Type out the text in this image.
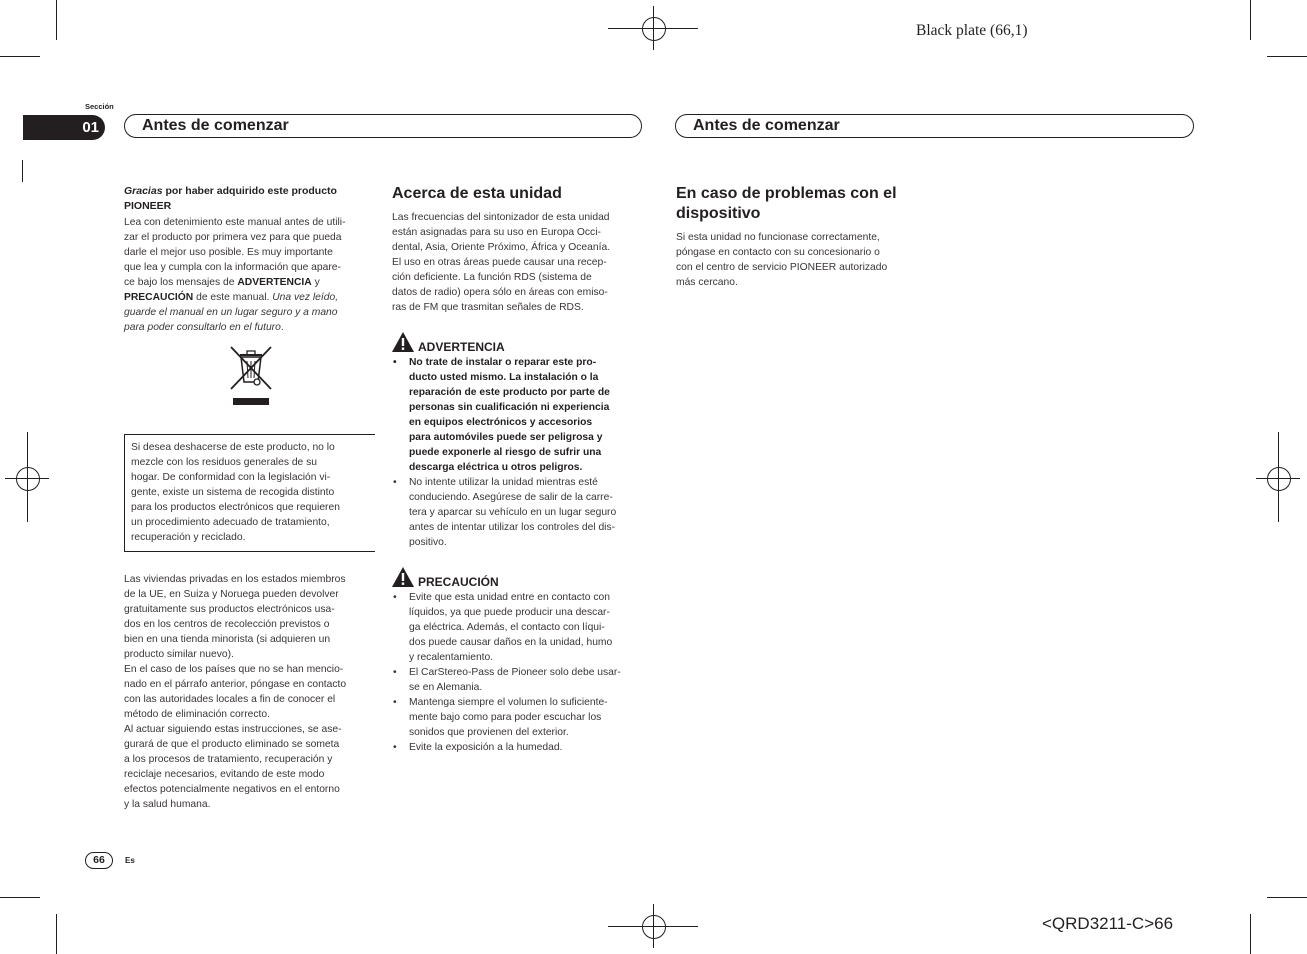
Black plate (66,1)
<QRD3211-C>66
Sección
01	Antes de comenzar	Antes de comenzar
Gracias por haber adquirido este producto
PIONEER
Lea con detenimiento este manual antes de utili-
zar el producto por primera vez para que pueda
darle el mejor uso posible. Es muy importante
que lea y cumpla con la información que apare-
ce bajo los mensajes de ADVERTENCIA y
PRECAUCIÓN de este manual. Una vez leído,
guarde el manual en un lugar seguro y a mano
para poder consultarlo en el futuro.
Si desea deshacerse de este producto, no lo
mezcle con los residuos generales de su
hogar. De conformidad con la legislación vi-
gente, existe un sistema de recogida distinto
para los productos electrónicos que requieren
un procedimiento adecuado de tratamiento,
recuperación y reciclado.
Las viviendas privadas en los estados miembros
de la UE, en Suiza y Noruega pueden devolver
gratuitamente sus productos electrónicos usa-
dos en los centros de recolección previstos o
bien en una tienda minorista (si adquieren un
producto similar nuevo).
En el caso de los países que no se han mencio-
nado en el párrafo anterior, póngase en contacto
con las autoridades locales a fin de conocer el
método de eliminación correcto.
Al actuar siguiendo estas instrucciones, se ase-
gurará de que el producto eliminado se someta
a los procesos de tratamiento, recuperación y
reciclaje necesarios, evitando de este modo
efectos potencialmente negativos en el entorno
y la salud humana.
Acerca de esta unidad
Las frecuencias del sintonizador de esta unidad
están asignadas para su uso en Europa Occi-
dental, Asia, Oriente Próximo, África y Oceanía.
El uso en otras áreas puede causar una recep-
ción deficiente. La función RDS (sistema de
datos de radio) opera sólo en áreas con emiso-
ras de FM que trasmitan señales de RDS.
ADVERTENCIA
• No trate de instalar o reparar este pro-
ducto usted mismo. La instalación o la
reparación de este producto por parte de
personas sin cualificación ni experiencia
en equipos electrónicos y accesorios
para automóviles puede ser peligrosa y
puede exponerle al riesgo de sufrir una
descarga eléctrica u otros peligros.
• No intente utilizar la unidad mientras esté
conduciendo. Asegúrese de salir de la carre-
tera y aparcar su vehículo en un lugar seguro
antes de intentar utilizar los controles del dis-
positivo.
PRECAUCIÓN
• Evite que esta unidad entre en contacto con
líquidos, ya que puede producir una descar-
ga eléctrica. Además, el contacto con líqui-
dos puede causar daños en la unidad, humo
y recalentamiento.
• El CarStereo-Pass de Pioneer solo debe usar-
se en Alemania.
• Mantenga siempre el volumen lo suficiente-
mente bajo como para poder escuchar los
sonidos que provienen del exterior.
• Evite la exposición a la humedad.
En caso de problemas con el
dispositivo
Si esta unidad no funcionase correctamente,
póngase en contacto con su concesionario o
con el centro de servicio PIONEER autorizado
más cercano.
66	Es
